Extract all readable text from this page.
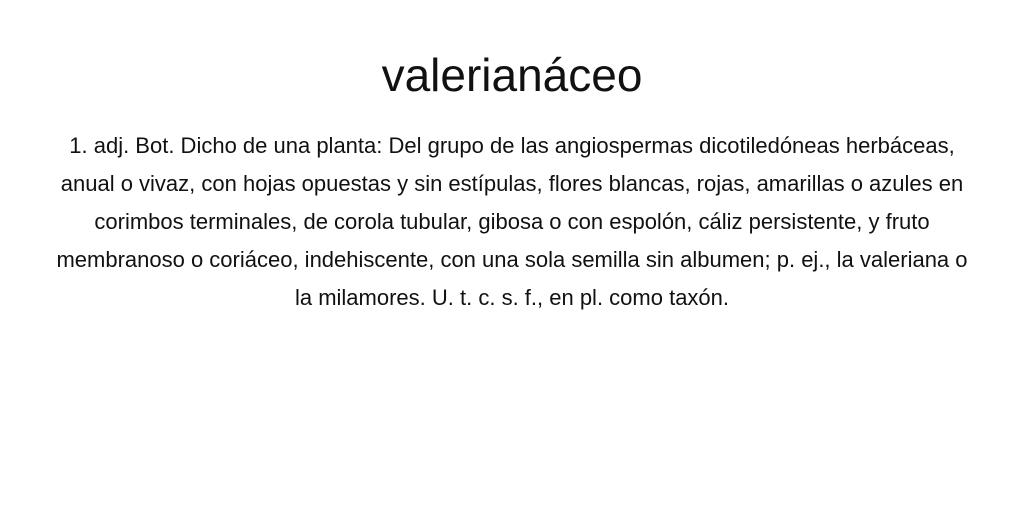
valerianáceo

1. adj. Bot. Dicho de una planta: Del grupo de las angiospermas dicotiledóneas herbáceas, anual o vivaz, con hojas opuestas y sin estípulas, flores blancas, rojas, amarillas o azules en corimbos terminales, de corola tubular, gibosa o con espolón, cáliz persistente, y fruto membranoso o coriáceo, indehiscente, con una sola semilla sin albumen; p. ej., la valeriana o la milamores. U. t. c. s. f., en pl. como taxón.
